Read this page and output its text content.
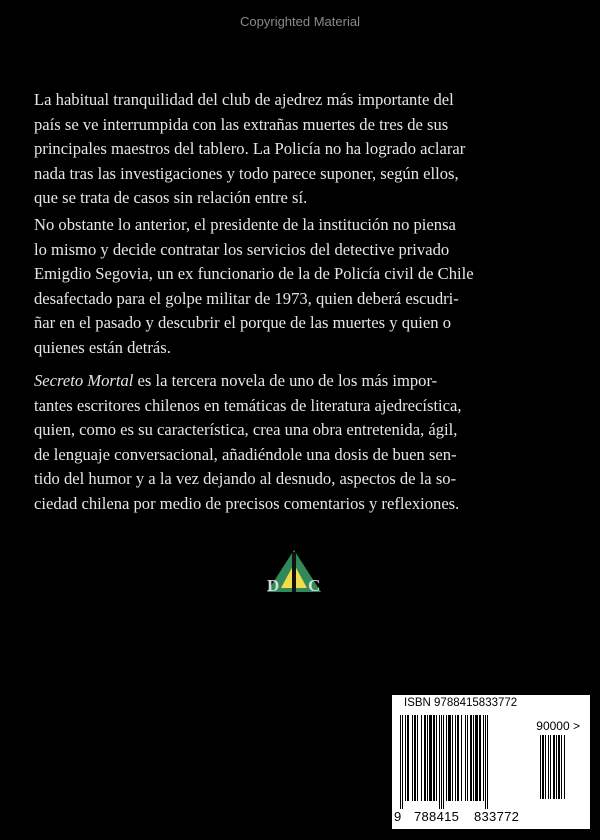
Copyrighted Material
La habitual tranquilidad del club de ajedrez más importante del
país se ve interrumpida con las extrañas muertes de tres de sus
principales maestros del tablero. La Policía no ha logrado aclarar
nada tras las investigaciones y todo parece suponer, según ellos,
que se trata de casos sin relación entre sí.
No obstante lo anterior, el presidente de la institución no piensa
lo mismo y decide contratar los servicios del detective privado
Emigdio Segovia, un ex funcionario de la de Policía civil de Chile
desafectado para el golpe militar de 1973, quien deberá escudri-
ñar en el pasado y descubrir el porque de las muertes y quien o
quienes están detrás.
Secreto Mortal es la tercera novela de uno de los más impor-
tantes escritores chilenos en temáticas de literatura ajedrecística,
quien, como es su característica, crea una obra entretenida, ágil,
de lenguaje conversacional, añadiéndole una dosis de buen sen-
tido del humor y a la vez dejando al desnudo, aspectos de la so-
ciedad chilena por medio de precisos comentarios y reflexiones.
D C
ISBN 9788415833772
90000 >
9 788415 833772
